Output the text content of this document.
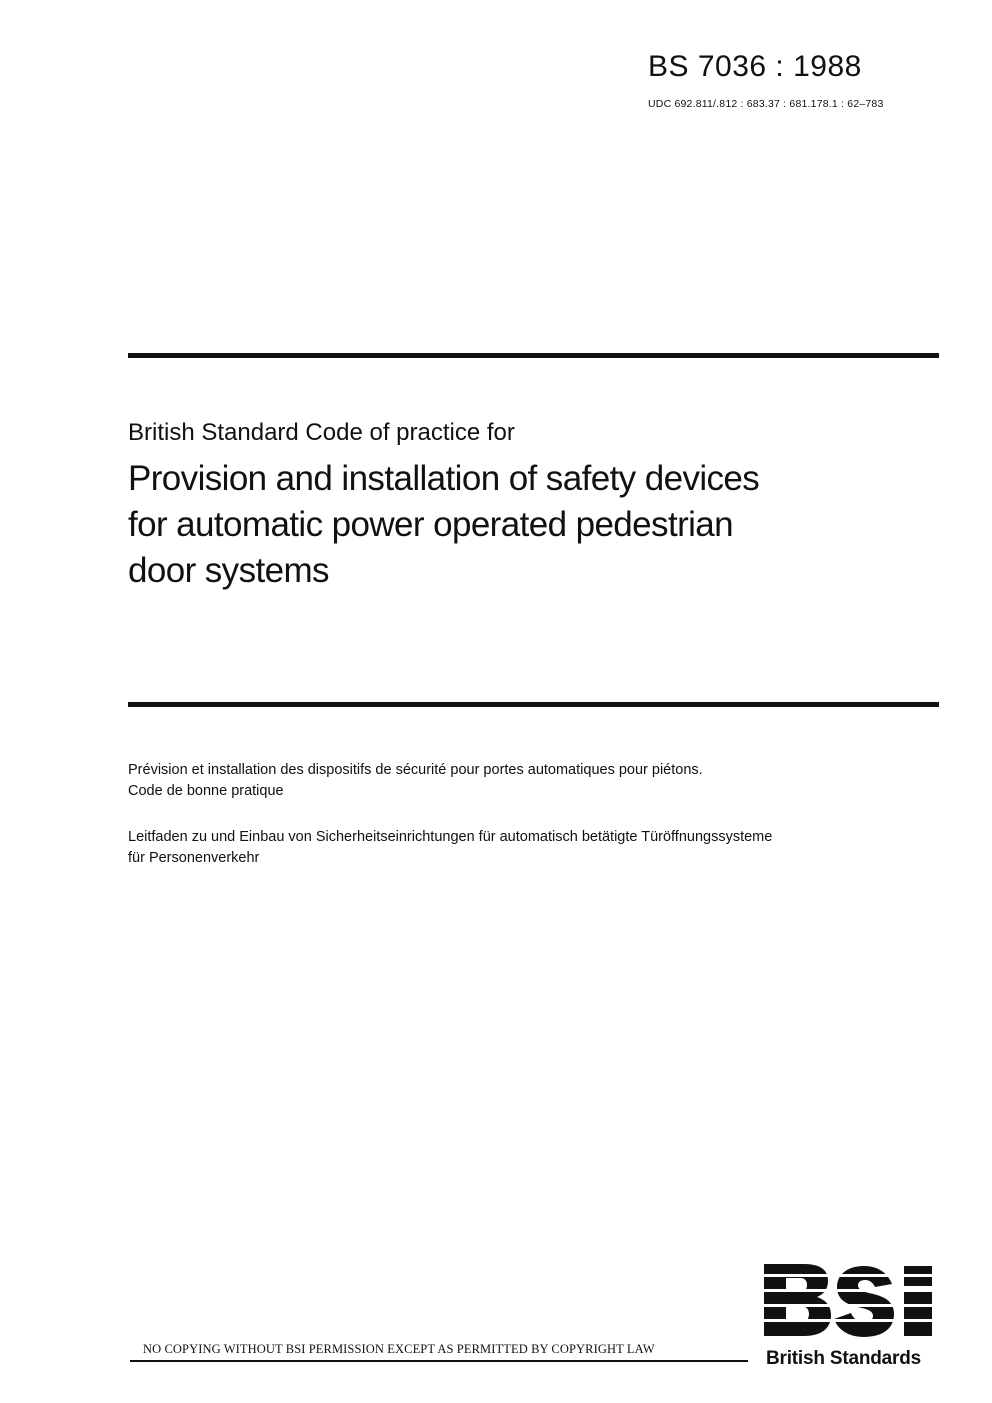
BS 7036 : 1988
UDC 692.811/.812 : 683.37 : 681.178.1 : 62–783
British Standard Code of practice for
Provision and installation of safety devices
for automatic power operated pedestrian
door systems
Prévision et installation des dispositifs de sécurité pour portes automatiques pour piétons.
Code de bonne pratique
Leitfaden zu und Einbau von Sicherheitseinrichtungen für automatisch betätigte Türöffnungssysteme
für Personenverkehr
NO COPYING WITHOUT BSI PERMISSION EXCEPT AS PERMITTED BY COPYRIGHT LAW	British Standards
